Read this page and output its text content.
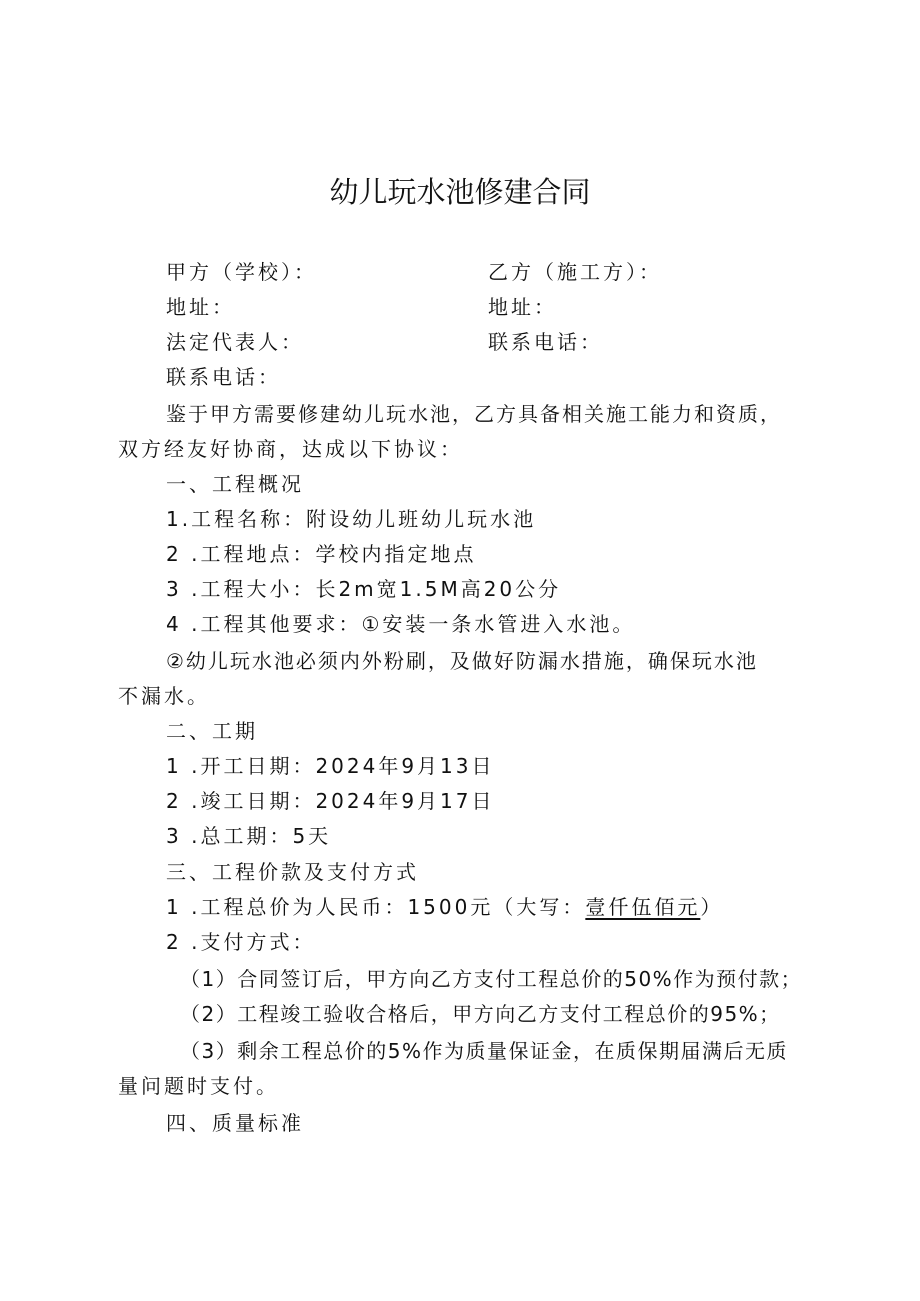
幼儿玩水池修建合同
甲方（学校）：	乙方（施工方）：
地址：	地址：
法定代表人：	联系电话：
联系电话：
鉴于甲方需要修建幼儿玩水池，乙方具备相关施工能力和资质，
双方经友好协商，达成以下协议：
一、工程概况
1.工程名称：附设幼儿班幼儿玩水池
2 .工程地点：学校内指定地点
3 .工程大小：长2m宽1.5M高20公分
4 .工程其他要求：①安装一条水管进入水池。
②幼儿玩水池必须内外粉刷，及做好防漏水措施，确保玩水池
不漏水。
二、工期
1 .开工日期：2024年9月13日
2 .竣工日期：2024年9月17日
3 .总工期：5天
三、工程价款及支付方式
1 .工程总价为人民币：1500元（大写：壹仟伍佰元）
2 .支付方式：
（1）合同签订后，甲方向乙方支付工程总价的50%作为预付款；
（2）工程竣工验收合格后，甲方向乙方支付工程总价的95%；
（3）剩余工程总价的5%作为质量保证金，在质保期届满后无质
量问题时支付。
四、质量标准
